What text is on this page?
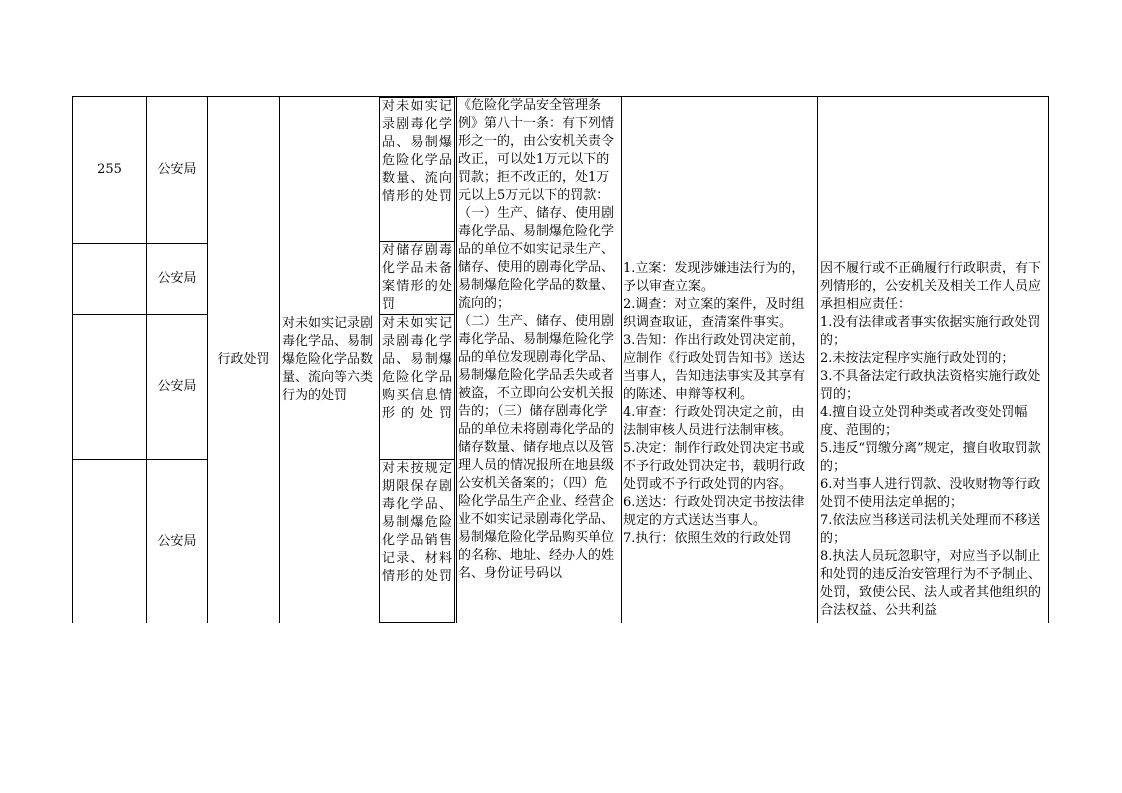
255	公安局
公安局
公安局
公安局
行政处罚
对未如实记录剧毒化学品、易制爆危险化学品数量、流向等六类行为的处罚
对未如实记录剧毒化学品、易制爆危险化学品数量、流向情形的处罚
对储存剧毒化学品未备案情形的处罚
对未如实记录剧毒化学品、易制爆危险化学品购买信息情形的处罚
对未按规定期限保存剧毒化学品、易制爆危险化学品销售记录、材料情形的处罚
《危险化学品安全管理条例》第八十一条：有下列情形之一的，由公安机关责令改正，可以处1万元以下的罚款；拒不改正的，处1万元以上5万元以下的罚款：
（一）生产、储存、使用剧毒化学品、易制爆危险化学品的单位不如实记录生产、储存、使用的剧毒化学品、易制爆危险化学品的数量、流向的；
（二）生产、储存、使用剧毒化学品、易制爆危险化学品的单位发现剧毒化学品、易制爆危险化学品丢失或者被盗，不立即向公安机关报告的；（三）储存剧毒化学品的单位未将剧毒化学品的储存数量、储存地点以及管理人员的情况报所在地县级公安机关备案的；（四）危险化学品生产企业、经营企业不如实记录剧毒化学品、易制爆危险化学品购买单位的名称、地址、经办人的姓名、身份证号码以
1.立案：发现涉嫌违法行为的，予以审查立案。
2.调查：对立案的案件，及时组织调查取证，查清案件事实。
3.告知：作出行政处罚决定前，应制作《行政处罚告知书》送达当事人，告知违法事实及其享有的陈述、申辩等权利。
4.审查：行政处罚决定之前，由法制审核人员进行法制审核。
5.决定：制作行政处罚决定书或不予行政处罚决定书，载明行政处罚或不予行政处罚的内容。
6.送达：行政处罚决定书按法律规定的方式送达当事人。
7.执行：依照生效的行政处罚
因不履行或不正确履行行政职责，有下列情形的，公安机关及相关工作人员应承担相应责任：
1.没有法律或者事实依据实施行政处罚的；
2.未按法定程序实施行政处罚的；
3.不具备法定行政执法资格实施行政处罚的；
4.擅自设立处罚种类或者改变处罚幅度、范围的；
5.违反“罚缴分离”规定，擅自收取罚款的；
6.对当事人进行罚款、没收财物等行政处罚不使用法定单据的；
7.依法应当移送司法机关处理而不移送的；
8.执法人员玩忽职守，对应当予以制止和处罚的违反治安管理行为不予制止、处罚，致使公民、法人或者其他组织的合法权益、公共利益
